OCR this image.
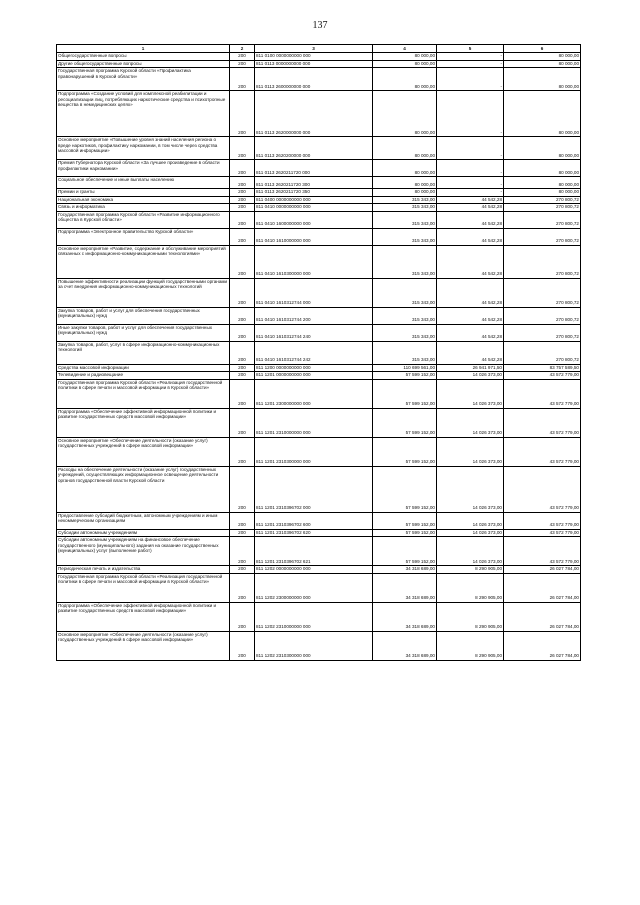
137
1	2	3	4	5	6
Общегосударственные вопросы	200	811 0100 0000000000 000	80 000,00	-	80 000,00
Другие общегосударственные вопросы	200	811 0113 0000000000 000	80 000,00	-	80 000,00
Государственная программа Курской области «Профилактика правонарушений в Курской области»	200	811 0113 2600000000 000	80 000,00	-	80 000,00
Подпрограмма «Создание условий для комплексной реабилитации и ресоциализации лиц, потребляющих наркотические средства и психотропные вещества в немедицинских целях»	200	811 0113 2620000000 000	80 000,00	-	80 000,00
Основное мероприятие «Повышение уровня знаний населения региона о вреде наркотиков, профилактику наркомании, в том числе через средства массовой информации»	200	811 0113 2620200000 000	80 000,00	-	80 000,00
Премия Губернатора Курской области «За лучшее произведение в области профилактики наркомании»	200	811 0113 2620211720 000	80 000,00	-	80 000,00
Социальное обеспечение и иные выплаты населению	200	811 0113 2620211720 300	80 000,00	-	80 000,00
Премии и гранты	200	811 0113 2620211720 350	80 000,00	-	80 000,00
Национальная экономика	200	811 0400 0000000000 000	315 343,00	44 542,28	270 800,72
Связь и информатика	200	811 0410 0000000000 000	315 343,00	44 542,28	270 800,72
Государственная программа Курской области «Развитие информационного общества в Курской области»	200	811 0410 1600000000 000	315 343,00	44 542,28	270 800,72
Подпрограмма «Электронное правительство Курской области»	200	811 0410 1610000000 000	315 343,00	44 542,28	270 800,72
Основное мероприятие «Развитие, содержание и обслуживание мероприятий связанных с информационно-коммуникационными технологиями»	200	811 0410 1610300000 000	315 343,00	44 542,28	270 800,72
Повышение эффективности реализации функций государственными органами за счет внедрения информационно-коммуникационных технологий	200	811 0410 1610312744 000	315 343,00	44 542,28	270 800,72
Закупка товаров, работ и услуг для обеспечения государственных (муниципальных) нужд	200	811 0410 1610312744 200	315 343,00	44 542,28	270 800,72
Иные закупки товаров, работ и услуг для обеспечения государственных (муниципальных) нужд	200	811 0410 1610312744 240	315 343,00	44 542,28	270 800,72
Закупка товаров, работ, услуг в сфере информационно-коммуникационных технологий	200	811 0410 1610312744 242	315 343,00	44 542,28	270 800,72
Средства массовой информации	200	811 1200 0000000000 000	110 699 561,00	26 941 971,50	83 757 589,50
Телевидение и радиовещание	200	811 1201 0000000000 000	57 599 152,00	14 026 373,00	43 572 779,00
Государственная программа Курской области «Реализация государственной политики в сфере печати и массовой информации в Курской области»	200	811 1201 2300000000 000	57 599 152,00	14 026 373,00	43 572 779,00
Подпрограмма «Обеспечение эффективной информационной политики и развитие государственных средств массовой информации»	200	811 1201 2310000000 000	57 599 152,00	14 026 373,00	43 572 779,00
Основное мероприятие «Обеспечение деятельности (оказание услуг) государственных учреждений в сфере массовой информации»	200	811 1201 2310300000 000	57 599 152,00	14 026 373,00	43 572 779,00
Расходы на обеспечение деятельности (оказание услуг) государственных учреждений, осуществляющих информационное освещение деятельности органов государственной власти Курской области	200	811 1201 2310396702 000	57 599 152,00	14 026 373,00	43 572 779,00
Предоставление субсидий бюджетным, автономным учреждениям и иным некоммерческим организациям	200	811 1201 2310396702 600	57 599 152,00	14 026 373,00	43 572 779,00
Субсидии автономным учреждениям	200	811 1201 2310396702 620	57 599 152,00	14 026 373,00	43 572 779,00
Субсидии автономным учреждениям на финансовое обеспечение государственного (муниципального) задания на оказание государственных (муниципальных) услуг (выполнение работ)	200	811 1201 2310396702 621	57 599 152,00	14 026 373,00	43 572 779,00
Периодическая печать и издательства	200	811 1202 0000000000 000	34 318 689,00	8 290 905,00	26 027 784,00
Государственная программа Курской области «Реализация государственной политики в сфере печати и массовой информации в Курской области»	200	811 1202 2300000000 000	34 318 689,00	8 290 905,00	26 027 784,00
Подпрограмма «Обеспечение эффективной информационной политики и развитие государственных средств массовой информации»	200	811 1202 2310000000 000	34 318 689,00	8 290 905,00	26 027 784,00
Основное мероприятие «Обеспечение деятельности (оказание услуг) государственных учреждений в сфере массовой информации»	200	811 1202 2310300000 000	34 318 689,00	8 290 905,00	26 027 784,00
